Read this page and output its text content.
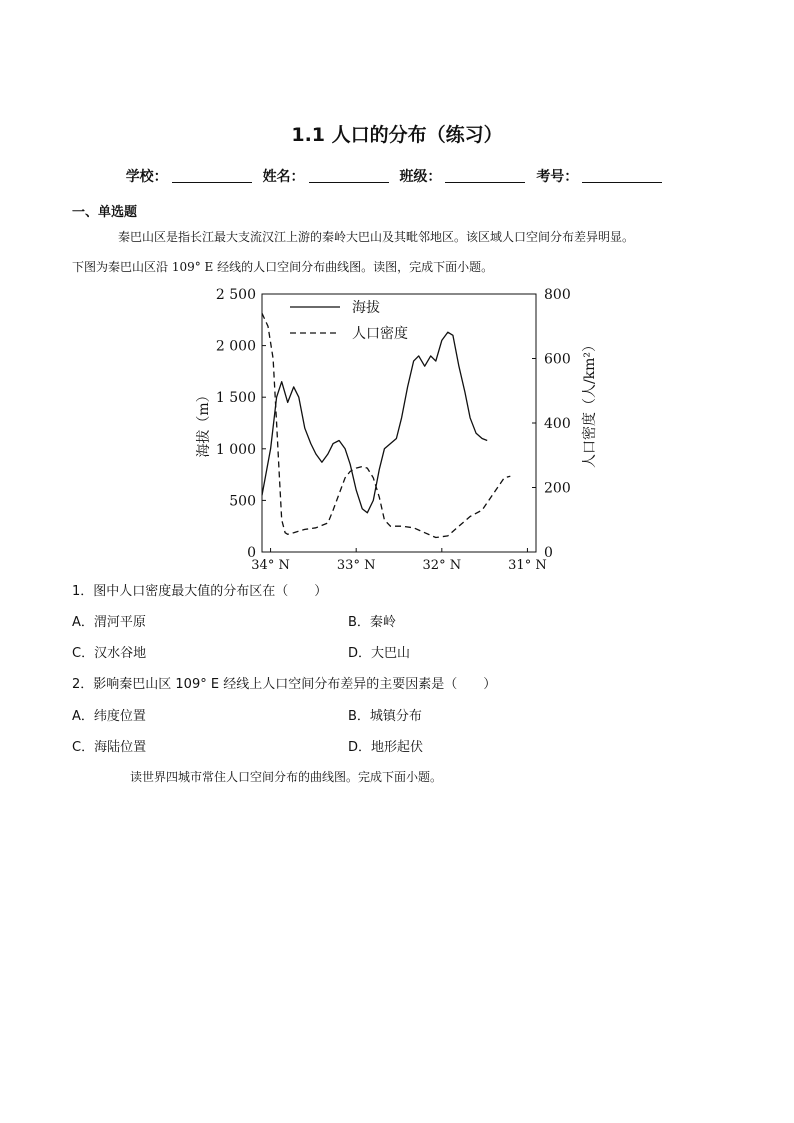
1.1 人口的分布（练习）
学校：	姓名：	班级：	考号：
一、单选题
秦巴山区是指长江最大支流汉江上游的秦岭大巴山及其毗邻地区。该区域人口空间分布差异明显。
下图为秦巴山区沿 109° E 经线的人口空间分布曲线图。读图，完成下面小题。
0
500
1 000
1 500
2 000
2 500
0
200
400
600
800
34° N	33° N	32° N	31° N
海拔（m）	人口密度（人/km²）
海拔
人口密度
1．图中人口密度最大值的分布区在（　　）
A．渭河平原	B．秦岭
C．汉水谷地	D．大巴山
2．影响秦巴山区 109° E 经线上人口空间分布差异的主要因素是（　　）
A．纬度位置	B．城镇分布
C．海陆位置	D．地形起伏
读世界四城市常住人口空间分布的曲线图。完成下面小题。
